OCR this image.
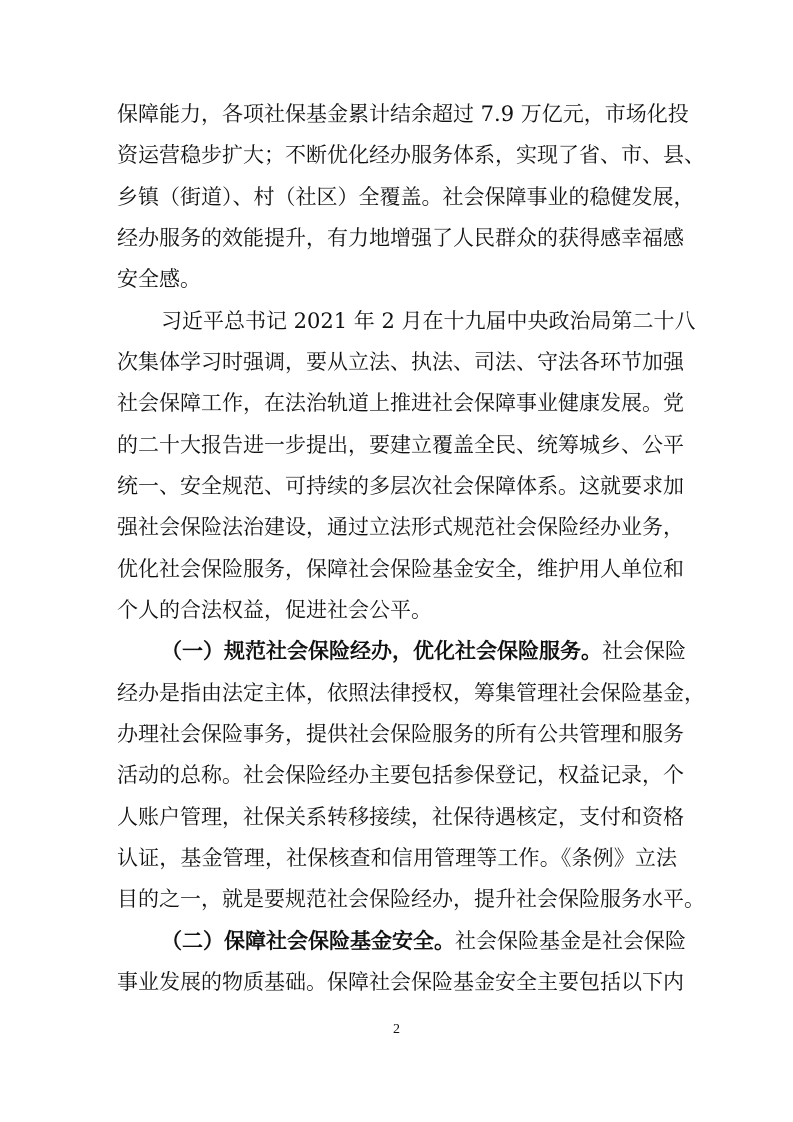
保障能力，各项社保基金累计结余超过 7.9 万亿元，市场化投
资运营稳步扩大；不断优化经办服务体系，实现了省、市、县、
乡镇（街道）、村（社区）全覆盖。社会保障事业的稳健发展，
经办服务的效能提升，有力地增强了人民群众的获得感幸福感
安全感。
习近平总书记 2021 年 2 月在十九届中央政治局第二十八
次集体学习时强调，要从立法、执法、司法、守法各环节加强
社会保障工作，在法治轨道上推进社会保障事业健康发展。党
的二十大报告进一步提出，要建立覆盖全民、统筹城乡、公平
统一、安全规范、可持续的多层次社会保障体系。这就要求加
强社会保险法治建设，通过立法形式规范社会保险经办业务，
优化社会保险服务，保障社会保险基金安全，维护用人单位和
个人的合法权益，促进社会公平。
（一）规范社会保险经办，优化社会保险服务。社会保险
经办是指由法定主体，依照法律授权，筹集管理社会保险基金，
办理社会保险事务，提供社会保险服务的所有公共管理和服务
活动的总称。社会保险经办主要包括参保登记，权益记录，个
人账户管理，社保关系转移接续，社保待遇核定，支付和资格
认证，基金管理，社保核查和信用管理等工作。《条例》立法
目的之一，就是要规范社会保险经办，提升社会保险服务水平。
（二）保障社会保险基金安全。社会保险基金是社会保险
2
事业发展的物质基础。保障社会保险基金安全主要包括以下内
